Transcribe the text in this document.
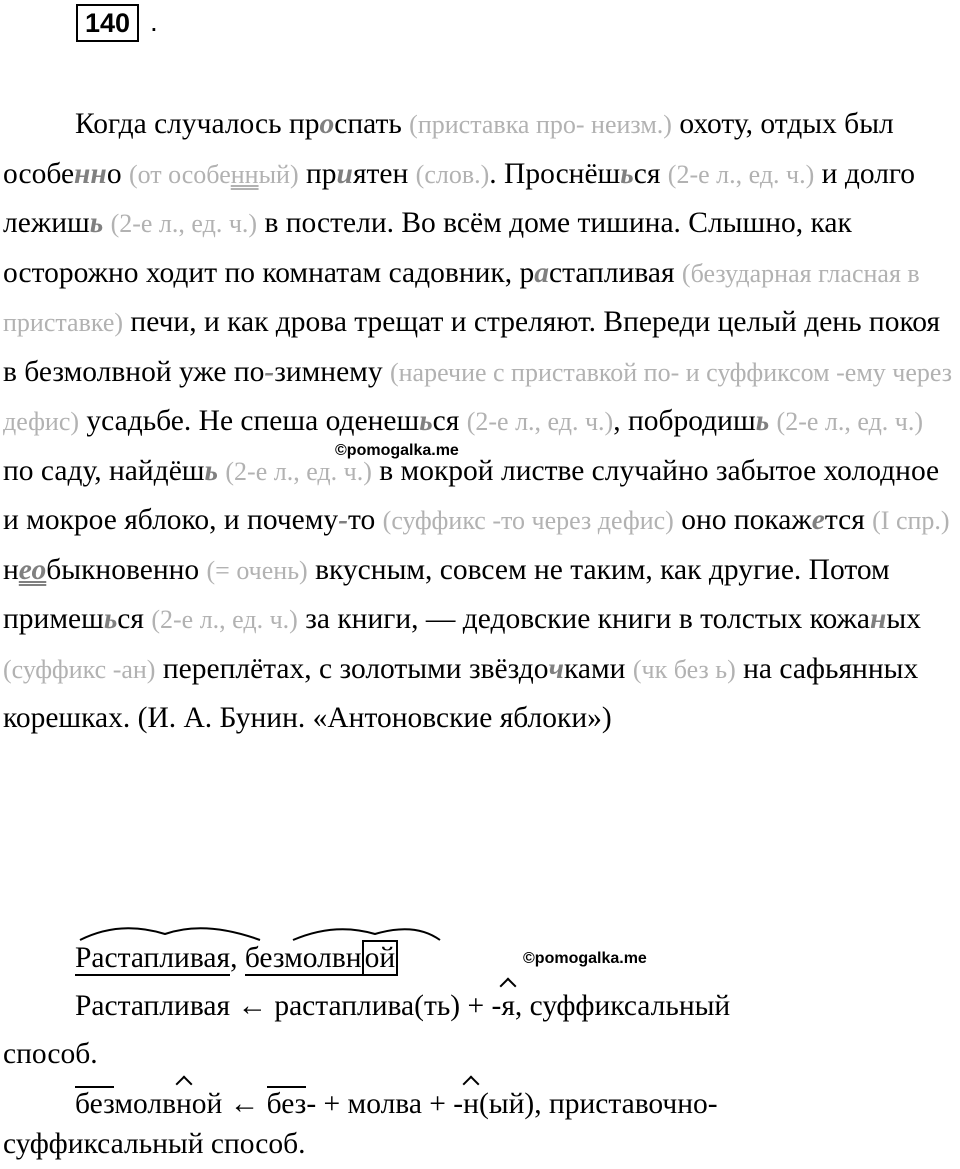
140 .

Когда случалось проспать (приставка про- неизм.) охоту, отдых был особенно (от особенный) приятен (слов.). Проснёшься (2-е л., ед. ч.) и долго лежишь (2-е л., ед. ч.) в постели. Во всём доме тишина. Слышно, как осторожно ходит по комнатам садовник, растапливая (безударная гласная в приставке) печи, и как дрова трещат и стреляют. Впереди целый день покоя в безмолвной уже по-зимнему (наречие с приставкой по- и суффиксом -ему через дефис) усадьбе. Не спеша оденешься (2-е л., ед. ч.), побродишь (2-е л., ед. ч.) по саду, найдёшь (2-е л., ед. ч.) в мокрой листве случайно забытое холодное и мокрое яблоко, и почему-то (суффикс -то через дефис) оно покажется (I спр.) необыкновенно (= очень) вкусным, совсем не таким, как другие. Потом примешься (2-е л., ед. ч.) за книги, — дедовские книги в толстых кожаных (суффикс -ан) переплётах, с золотыми звёздочками (чк без ь) на сафьянных корешках. (И. А. Бунин. «Антоновские яблоки»)

©pomogalka.me
Растапливая, безмолвн ой	©pomogalka.me
Растапливая ← растаплива(ть) + -я, суффиксальный
способ.
безмолвной ← без- + молва + -н(ый), приставочно-
суффиксальный способ.
